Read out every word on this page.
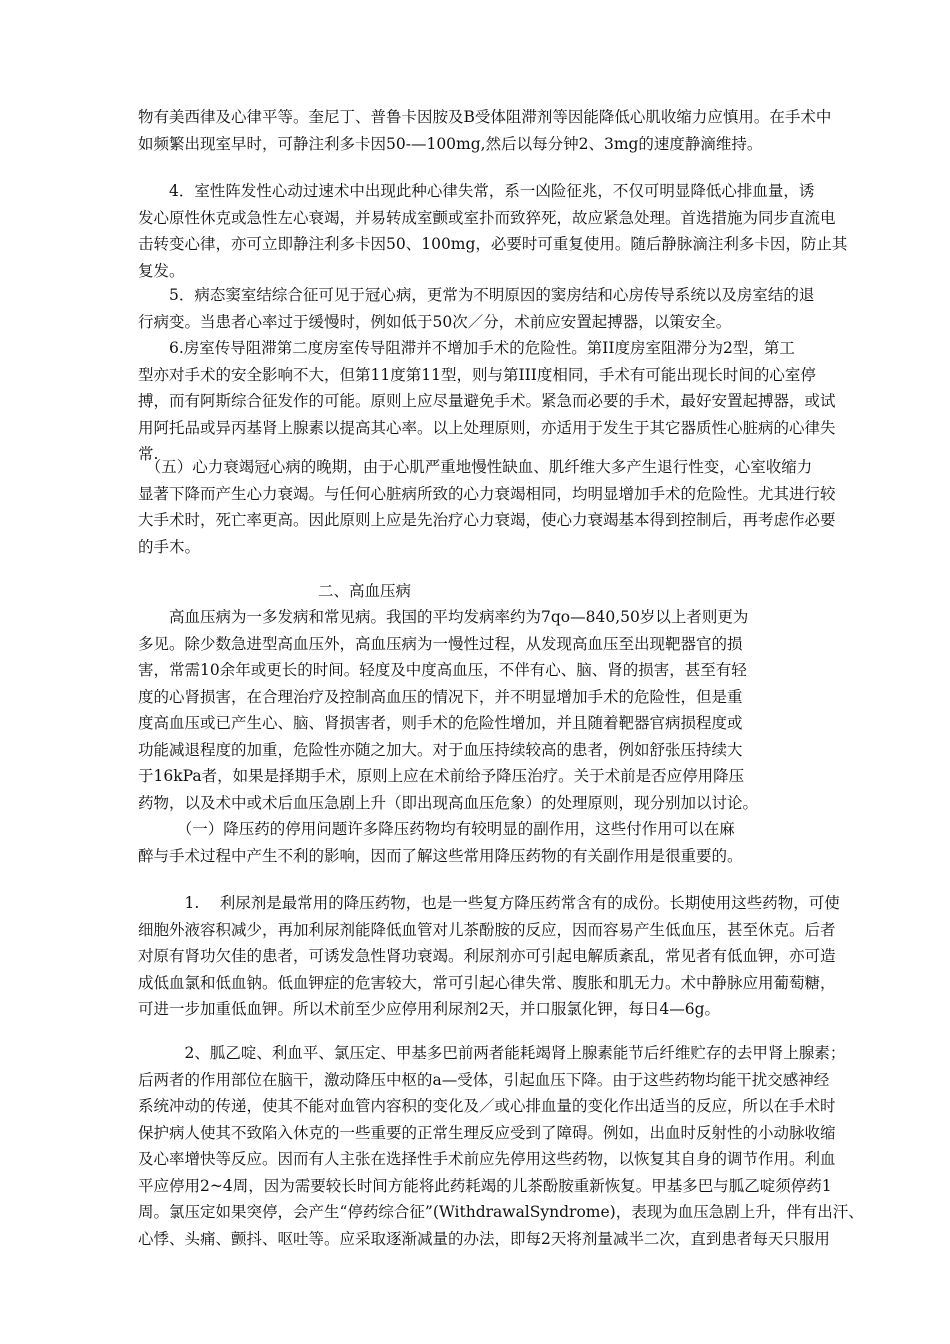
物有美西律及心律平等。奎尼丁、普鲁卡因胺及B受体阻滞剂等因能降低心肌收缩力应慎用。在手术中
如频繁出现室早时，可静注利多卡因50-—100mg,然后以每分钟2、3mg的速度静滴维持。
　　4．室性阵发性心动过速术中出现此种心律失常，系一凶险征兆，不仅可明显降低心排血量，诱
发心原性休克或急性左心衰竭，并易转成室颤或室扑而致猝死，故应紧急处理。首选措施为同步直流电
击转变心律，亦可立即静注利多卡因50、100mg，必要时可重复使用。随后静脉滴注利多卡因，防止其
复发。
　　5．病态窦室结综合征可见于冠心病，更常为不明原因的窦房结和心房传导系统以及房室结的退
行病变。当患者心率过于缓慢时，例如低于50次／分，术前应安置起搏器，以策安全。
　　6.房室传导阻滞第二度房室传导阻滞并不增加手术的危险性。第II度房室阻滞分为2型，第工
型亦对手术的安全影响不大，但第11度第11型，则与第III度相同，手术有可能出现长时间的心室停
搏，而有阿斯综合征发作的可能。原则上应尽量避免手术。紧急而必要的手术，最好安置起搏器，或试
用阿托品或异丙基肾上腺素以提高其心率。以上处理原则，亦适用于发生于其它器质性心脏病的心律失
常.
　（五）心力衰竭冠心病的晚期，由于心肌严重地慢性缺血、肌纤维大多产生退行性变，心室收缩力
显著下降而产生心力衰竭。与任何心脏病所致的心力衰竭相同，均明显增加手术的危险性。尤其进行较
大手术时，死亡率更高。因此原则上应是先治疗心力衰竭，使心力衰竭基本得到控制后，再考虑作必要
的手木。
二、高血压病
　　高血压病为一多发病和常见病。我国的平均发病率约为7qo—840,50岁以上者则更为
多见。除少数急进型高血压外，高血压病为一慢性过程，从发现高血压至出现靶器官的损
害，常需10余年或更长的时间。轻度及中度高血压，不伴有心、脑、肾的损害，甚至有轻
度的心肾损害，在合理治疗及控制高血压的情况下，并不明显增加手术的危险性，但是重
度高血压或已产生心、脑、肾损害者，则手术的危险性增加，并且随着靶器官病损程度或
功能减退程度的加重，危险性亦随之加大。对于血压持续较高的患者，例如舒张压持续大
于16kPa者，如果是择期手术，原则上应在术前给予降压治疗。关于术前是否应停用降压
药物，以及术中或术后血压急剧上升（即出现高血压危象）的处理原则，现分别加以讨论。
　　　（一）降压药的停用问题许多降压药物均有较明显的副作用，这些付作用可以在麻
醉与手术过程中产生不利的影响，因而了解这些常用降压药物的有关副作用是很重要的。
　　　1.　 利尿剂是最常用的降压药物，也是一些复方降压药常含有的成份。长期使用这些药物，可使
细胞外液容积减少，再加利尿剂能降低血管对儿茶酚胺的反应，因而容易产生低血压，甚至休克。后者
对原有肾功欠佳的患者，可诱发急性肾功衰竭。利尿剂亦可引起电解质紊乱，常见者有低血钾，亦可造
成低血氯和低血钠。低血钾症的危害较大，常可引起心律失常、腹胀和肌无力。术中静脉应用葡萄糖，
可进一步加重低血钾。所以术前至少应停用利尿剂2天，并口服氯化钾，每日4—6g。
　　　2、胍乙啶、利血平、氯压定、甲基多巴前两者能耗竭肾上腺素能节后纤维贮存的去甲肾上腺素；
后两者的作用部位在脑干，激动降压中枢的a—受体，引起血压下降。由于这些药物均能干扰交感神经
系统冲动的传递，使其不能对血管内容积的变化及／或心排血量的变化作出适当的反应，所以在手术时
保护病人使其不致陷入休克的一些重要的正常生理反应受到了障碍。例如，出血时反射性的小动脉收缩
及心率增快等反应。因而有人主张在选择性手术前应先停用这些药物，以恢复其自身的调节作用。利血
平应停用2~4周，因为需要较长时间方能将此药耗竭的儿茶酚胺重新恢复。甲基多巴与胍乙啶须停药1
周。氯压定如果突停，会产生“停药综合征”(WithdrawalSyndrome)，表现为血压急剧上升，伴有出汗、
心悸、头痛、颤抖、呕吐等。应采取逐渐减量的办法，即每2天将剂量减半二次，直到患者每天只服用
